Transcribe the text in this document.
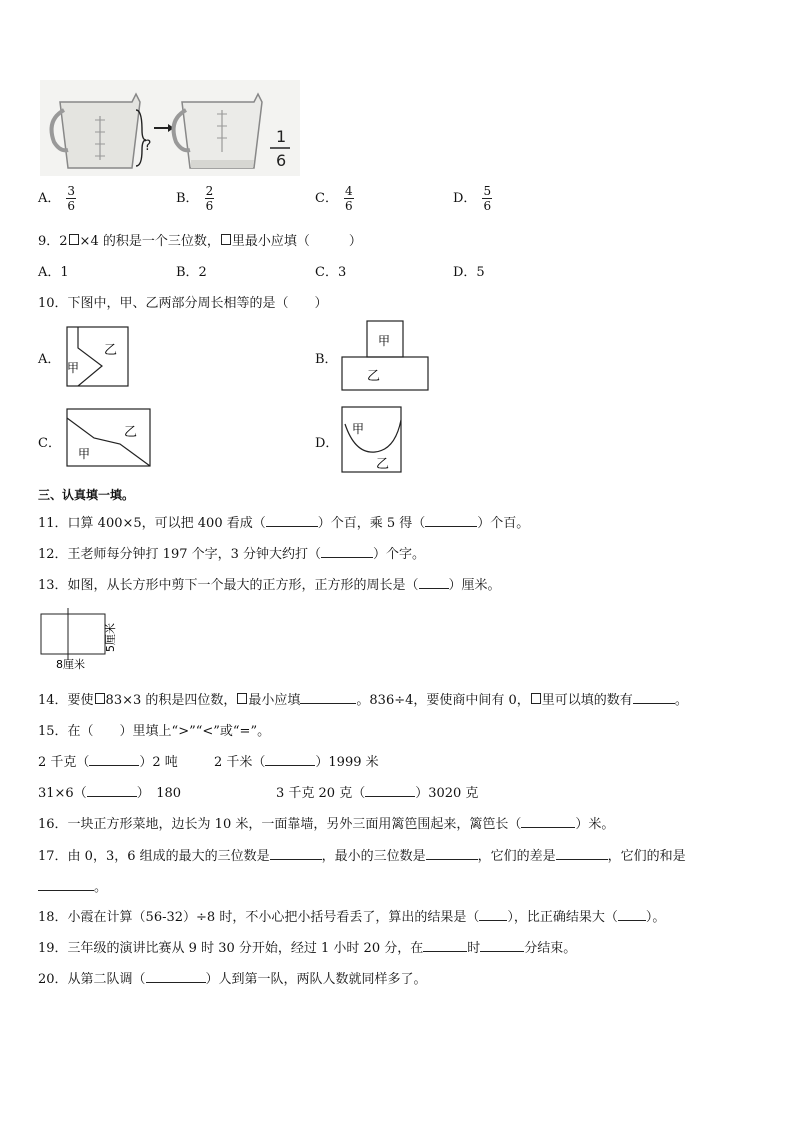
?	1
6
A． $\frac{3}{6}$	B． $\frac{2}{6}$	C． $\frac{4}{6}$	D． $\frac{5}{6}$
9．2 ×4 的积是一个三位数， 里最小应填（　　　）
A．1	B．2	C．3	D．5
10．下图中，甲、乙两部分周长相等的是（　　）
A．
乙
甲
B．
甲
乙
C．
乙
甲
D．
甲
乙
三、认真填一填。
11．口算 400×5，可以把 400 看成（	）个百，乘 5 得（	）个百。
12．王老师每分钟打 197 个字，3 分钟大约打（	）个字。
13．如图，从长方形中剪下一个最大的正方形，正方形的周长是（ ）厘米。
8厘米
5厘米
14．要使 83×3 的积是四位数， 最小应填	。836÷4，要使商中间有 0， 里可以填的数有	。
15．在（　　）里填上“>”“<”或“=”。
2 千克（	）2 吨	2 千米（	）1999 米
31×6（	）　180	3 千克 20 克（	）3020 克
16．一块正方形菜地，边长为 10 米，一面靠墙，另外三面用篱笆围起来，篱笆长（	）米。
17．由 0，3，6 组成的最大的三位数是	，最小的三位数是	，它们的差是	，它们的和是
。
18．小霞在计算（56-32）÷8 时，不小心把小括号看丢了，算出的结果是（ ），比正确结果大（ ）。
19．三年级的演讲比赛从 9 时 30 分开始，经过 1 小时 20 分，在	时	分结束。
20．从第二队调（	）人到第一队，两队人数就同样多了。
